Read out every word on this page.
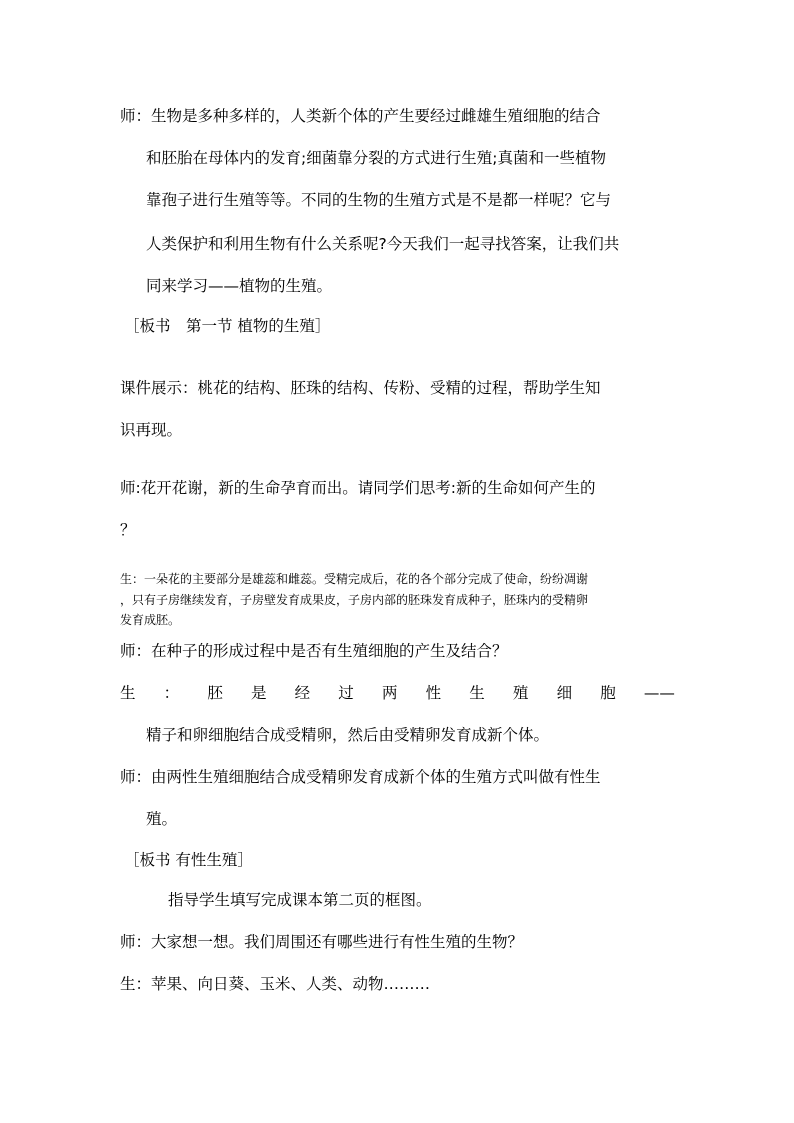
师：生物是多种多样的，人类新个体的产生要经过雌雄生殖细胞的结合
和胚胎在母体内的发育;细菌靠分裂的方式进行生殖;真菌和一些植物
靠孢子进行生殖等等。不同的生物的生殖方式是不是都一样呢？它与
人类保护和利用生物有什么关系呢?今天我们一起寻找答案，让我们共
同来学习——植物的生殖。
［板书　第一节 植物的生殖］
课件展示：桃花的结构、胚珠的结构、传粉、受精的过程，帮助学生知
识再现。
师:花开花谢，新的生命孕育而出。请同学们思考:新的生命如何产生的
？
生：一朵花的主要部分是雄蕊和雌蕊。受精完成后，花的各个部分完成了使命，纷纷凋谢
，只有子房继续发育，子房壁发育成果皮，子房内部的胚珠发育成种子，胚珠内的受精卵
发育成胚。
师：在种子的形成过程中是否有生殖细胞的产生及结合？
生 ： 胚 是 经 过 两 性 生 殖 细 胞 ——
精子和卵细胞结合成受精卵，然后由受精卵发育成新个体。
师：由两性生殖细胞结合成受精卵发育成新个体的生殖方式叫做有性生
殖。
［板书 有性生殖］
指导学生填写完成课本第二页的框图。
师：大家想一想。我们周围还有哪些进行有性生殖的生物？
生：苹果、向日葵、玉米、人类、动物………
